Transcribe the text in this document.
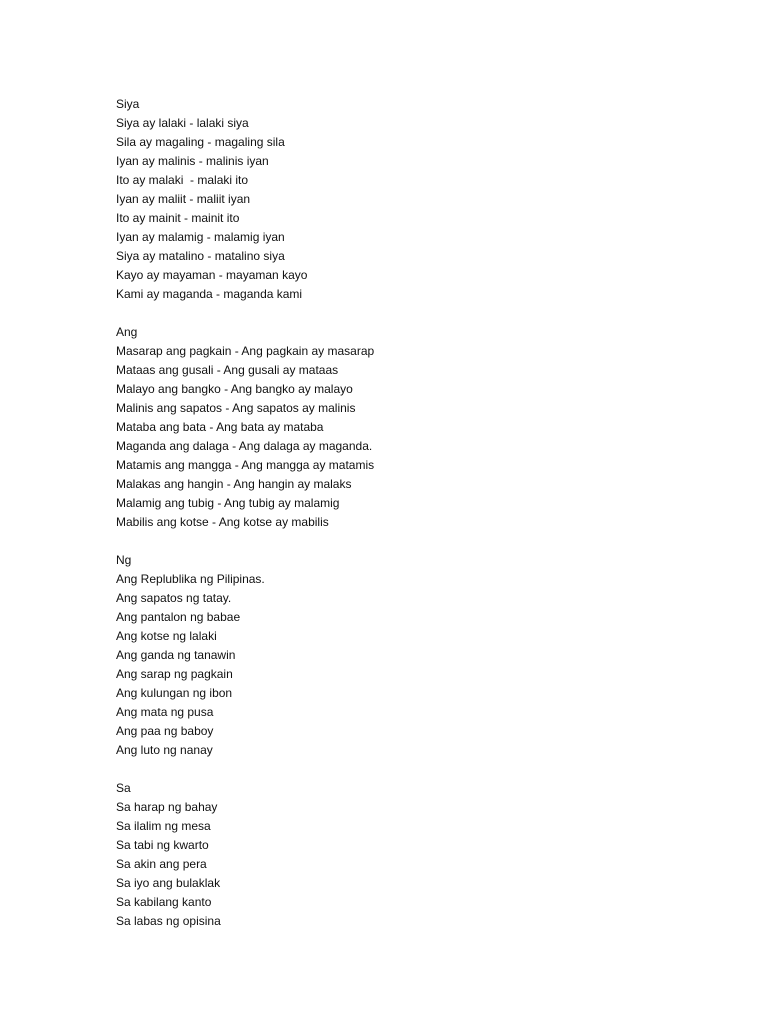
Siya
Siya ay lalaki - lalaki siya
Sila ay magaling - magaling sila
Iyan ay malinis - malinis iyan
Ito ay malaki  - malaki ito
Iyan ay maliit - maliit iyan
Ito ay mainit - mainit ito
Iyan ay malamig - malamig iyan
Siya ay matalino - matalino siya
Kayo ay mayaman - mayaman kayo
Kami ay maganda - maganda kami
Ang
Masarap ang pagkain - Ang pagkain ay masarap
Mataas ang gusali - Ang gusali ay mataas
Malayo ang bangko - Ang bangko ay malayo
Malinis ang sapatos - Ang sapatos ay malinis
Mataba ang bata - Ang bata ay mataba
Maganda ang dalaga - Ang dalaga ay maganda.
Matamis ang mangga - Ang mangga ay matamis
Malakas ang hangin - Ang hangin ay malaks
Malamig ang tubig - Ang tubig ay malamig
Mabilis ang kotse - Ang kotse ay mabilis
Ng
Ang Replublika ng Pilipinas.
Ang sapatos ng tatay.
Ang pantalon ng babae
Ang kotse ng lalaki
Ang ganda ng tanawin
Ang sarap ng pagkain
Ang kulungan ng ibon
Ang mata ng pusa
Ang paa ng baboy
Ang luto ng nanay
Sa
Sa harap ng bahay
Sa ilalim ng mesa
Sa tabi ng kwarto
Sa akin ang pera
Sa iyo ang bulaklak
Sa kabilang kanto
Sa labas ng opisina
